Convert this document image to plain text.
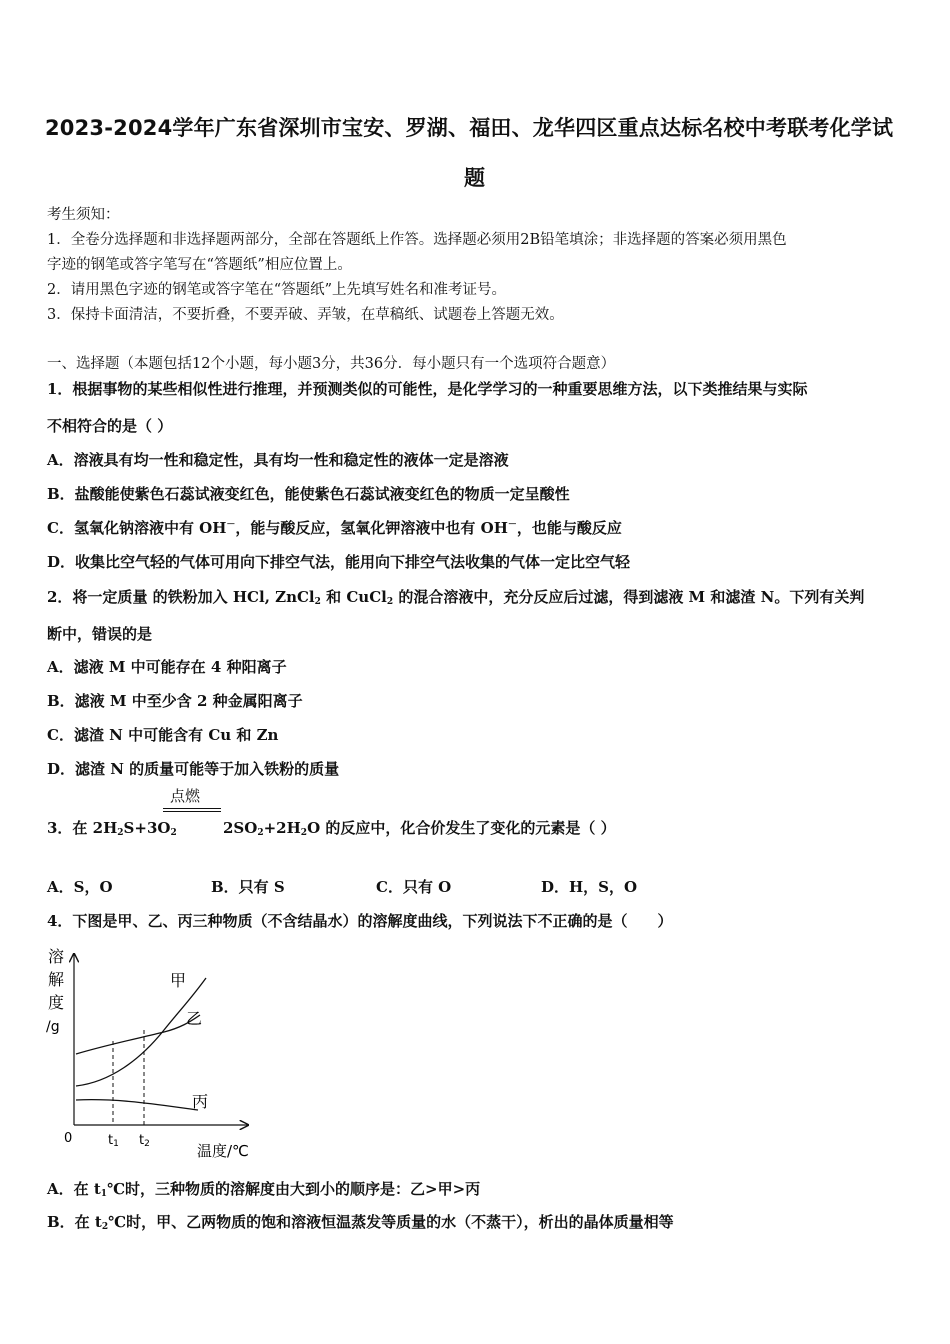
2023-2024学年广东省深圳市宝安、罗湖、福田、龙华四区重点达标名校中考联考化学试
题
考生须知：
1．全卷分选择题和非选择题两部分，全部在答题纸上作答。选择题必须用2B铅笔填涂；非选择题的答案必须用黑色
字迹的钢笔或答字笔写在“答题纸”相应位置上。
2．请用黑色字迹的钢笔或答字笔在“答题纸”上先填写姓名和准考证号。
3．保持卡面清洁，不要折叠，不要弄破、弄皱，在草稿纸、试题卷上答题无效。
一、选择题（本题包括12个小题，每小题3分，共36分．每小题只有一个选项符合题意）
1．根据事物的某些相似性进行推理，并预测类似的可能性，是化学学习的一种重要思维方法，以下类推结果与实际
不相符合的是（ ）
A．溶液具有均一性和稳定性，具有均一性和稳定性的液体一定是溶液
B．盐酸能使紫色石蕊试液变红色，能使紫色石蕊试液变红色的物质一定呈酸性
C．氢氧化钠溶液中有 OH－，能与酸反应，氢氧化钾溶液中也有 OH－，也能与酸反应
D．收集比空气轻的气体可用向下排空气法，能用向下排空气法收集的气体一定比空气轻
2．将一定质量 的铁粉加入 HCl, ZnCl$_2$ 和 CuCl$_2$ 的混合溶液中，充分反应后过滤，得到滤液 M 和滤渣 N。下列有关判
断中，错误的是
A．滤液 M 中可能存在 4 种阳离子
B．滤液 M 中至少含 2 种金属阳离子
C．滤渣 N 中可能含有 Cu 和 Zn
D．滤渣 N 的质量可能等于加入铁粉的质量
点燃
3．在 $2H_2S+3O_2$	$2SO_2+2H_2O$ 的反应中，化合价发生了变化的元素是（ ）
A．S，O	B．只有 S	C．只有 O	D．H，S，O
4．下图是甲、乙、丙三种物质（不含结晶水）的溶解度曲线，下列说法下不正确的是（　　）
溶
解
度
/g
甲
乙
丙
0	t1 t2	温度/℃
A．在 $t_1℃$时，三种物质的溶解度由大到小的顺序是：乙>甲>丙
B．在 $t_2℃$时，甲、乙两物质的饱和溶液恒温蒸发等质量的水（不蒸干），析出的晶体质量相等
